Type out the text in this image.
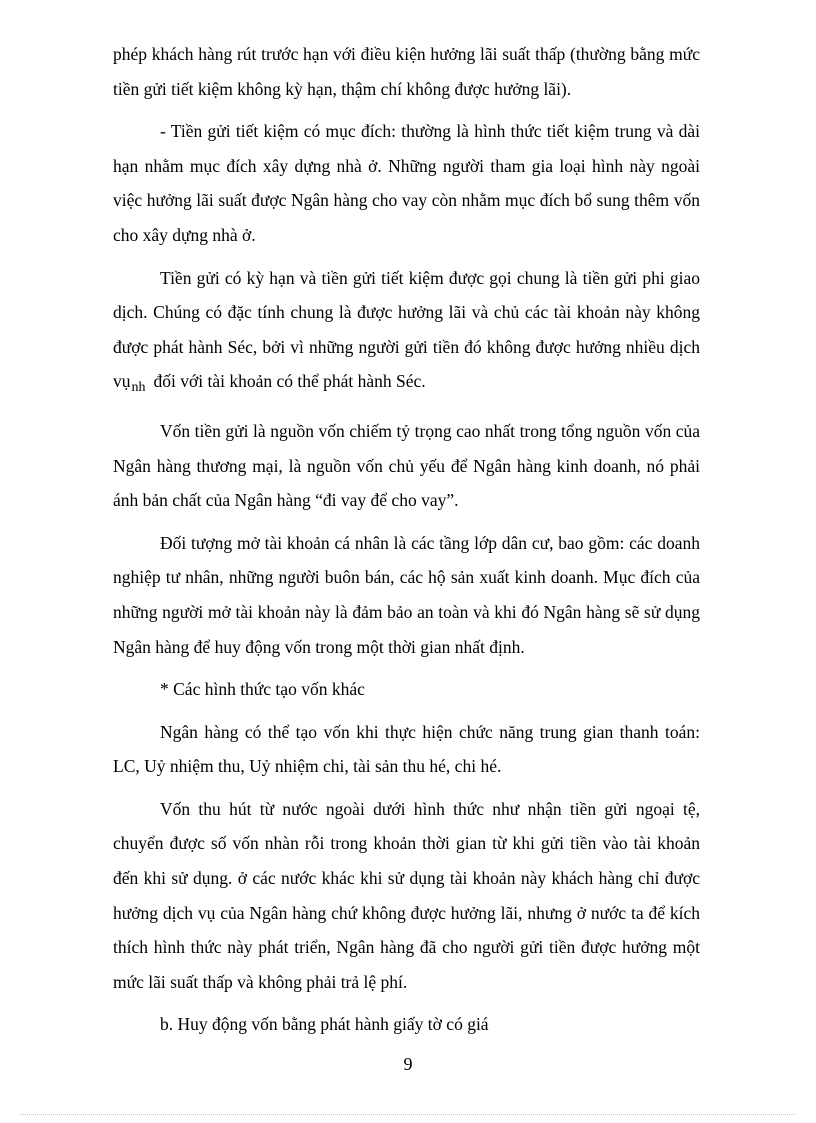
phép khách hàng rút trước hạn với điều kiện hưởng lãi suất thấp (thường bằng mức tiền gửi tiết kiệm không kỳ hạn, thậm chí không được hưởng lãi).

- Tiền gửi tiết kiệm có mục đích: thường là hình thức tiết kiệm trung và dài hạn nhằm mục đích xây dựng nhà ở. Những người tham gia loại hình này ngoài việc hưởng lãi suất được Ngân hàng cho vay còn nhằm mục đích bổ sung thêm vốn cho xây dựng nhà ở.

Tiền gửi có kỳ hạn và tiền gửi tiết kiệm được gọi chung là tiền gửi phi giao dịch. Chúng có đặc tính chung là được hưởng lãi và chủ các tài khoản này không được phát hành Séc, bởi vì những người gửi tiền đó không được hưởng nhiều dịch vụ$_{nh}$ đối với tài khoản có thể phát hành Séc.

Vốn tiền gửi là nguồn vốn chiếm tỷ trọng cao nhất trong tổng nguồn vốn của Ngân hàng thương mại, là nguồn vốn chủ yếu để Ngân hàng kinh doanh, nó phải ánh bản chất của Ngân hàng “đi vay để cho vay”.

Đối tượng mở tài khoản cá nhân là các tầng lớp dân cư, bao gồm: các doanh nghiệp tư nhân, những người buôn bán, các hộ sản xuất kinh doanh. Mục đích của những người mở tài khoản này là đảm bảo an toàn và khi đó Ngân hàng sẽ sử dụng Ngân hàng để huy động vốn trong một thời gian nhất định.

* Các hình thức tạo vốn khác

Ngân hàng có thể tạo vốn khi thực hiện chức năng trung gian thanh toán: LC, Uỷ nhiệm thu, Uỷ nhiệm chi, tài sản thu hé, chi hé.

Vốn thu hút từ nước ngoài dưới hình thức như nhận tiền gửi ngoại tệ, chuyển được số vốn nhàn rỗi trong khoản thời gian từ khi gửi tiền vào tài khoản đến khi sử dụng. ở các nước khác khi sử dụng tài khoản này khách hàng chỉ được hưởng dịch vụ của Ngân hàng chứ không được hưởng lãi, nhưng ở nước ta để kích thích hình thức này phát triển, Ngân hàng đã cho người gửi tiền được hưởng một mức lãi suất thấp và không phải trả lệ phí.

b. Huy động vốn bằng phát hành giấy tờ có giá

9
